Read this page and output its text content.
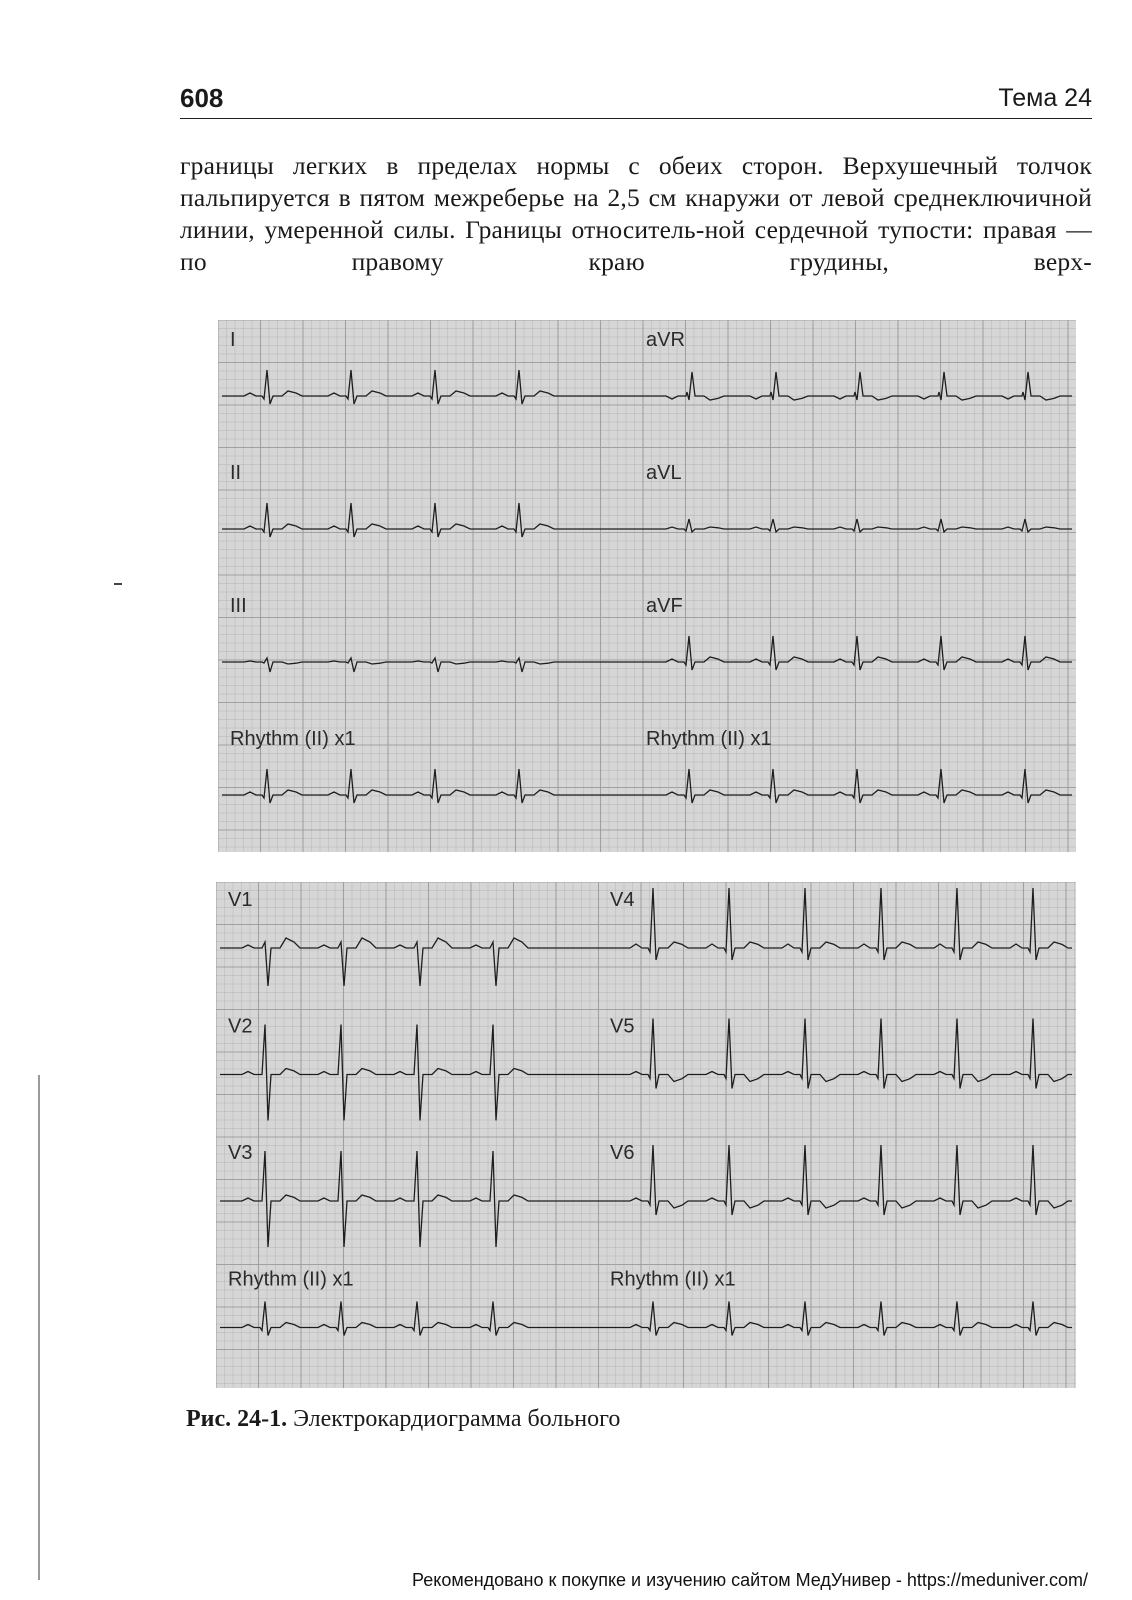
608	Тема 24

границы легких в пределах нормы с обеих сторон. Верхушечный толчок пальпируется в пятом межреберье на 2,5 см кнаружи от левой среднеключичной линии, умеренной силы. Границы относитель-ной сердечной тупости: правая — по правому краю грудины, верх-

I	aVR
II	aVL
III	aVF
Rhythm (II) x1	Rhythm (II) x1
V1	V4
V2	V5
V3	V6
Rhythm (II) x1	Rhythm (II) x1

Рис. 24-1. Электрокардиограмма больного

Рекомендовано к покупке и изучению сайтом МедУнивер - https://meduniver.com/
